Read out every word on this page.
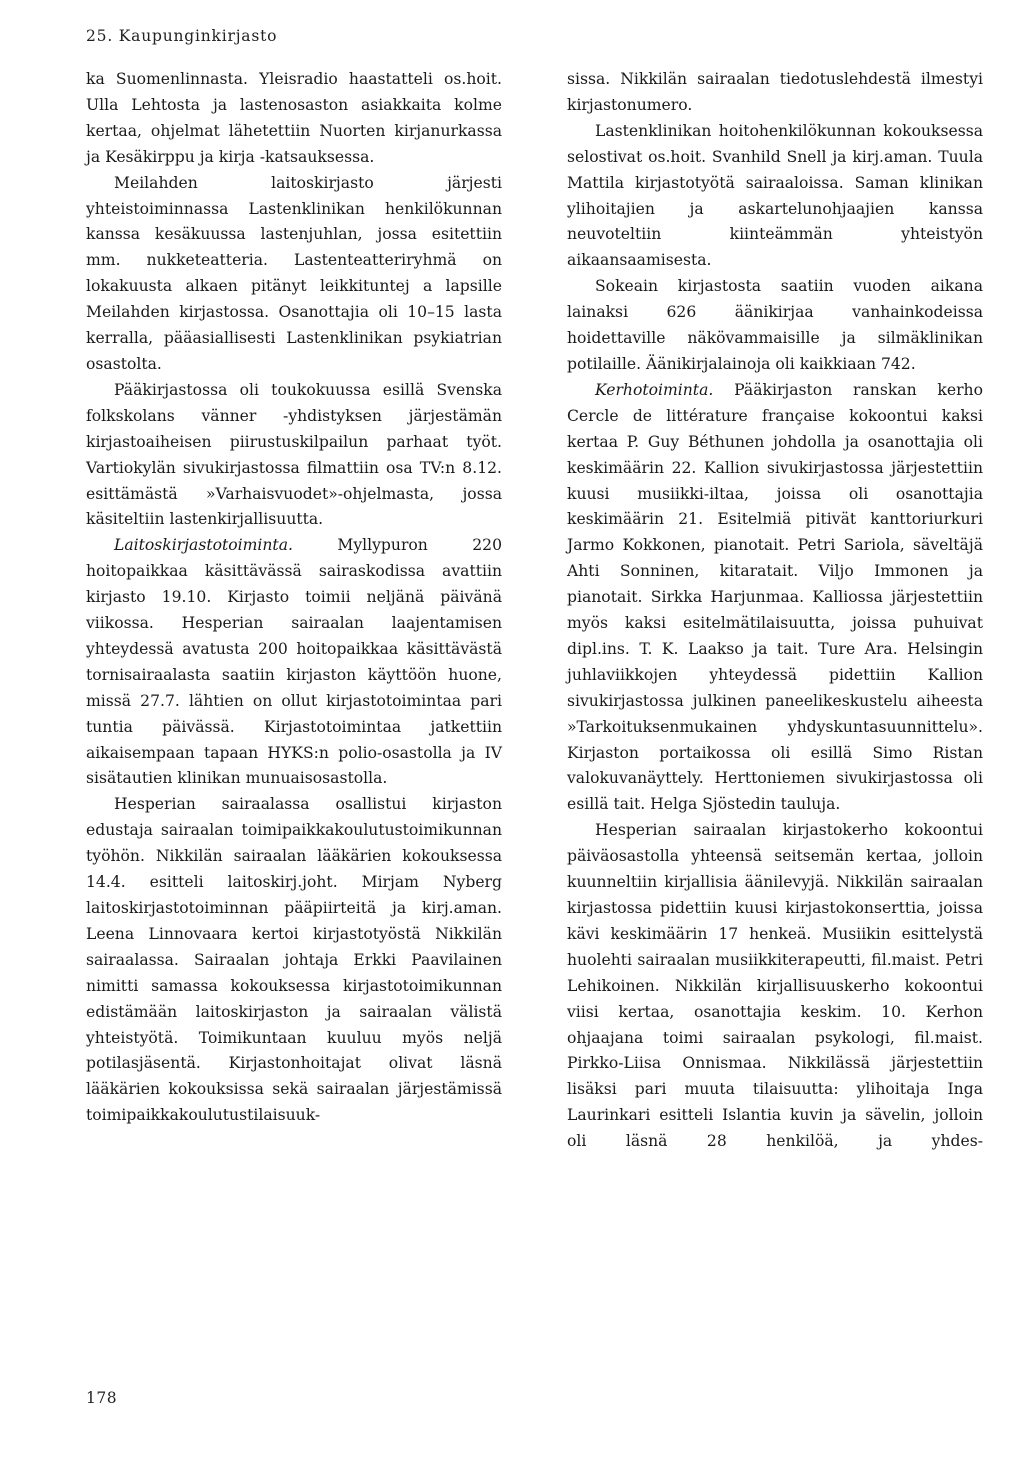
25. Kaupunginkirjasto

ka Suomenlinnasta. Yleisradio haastatteli os.hoit. Ulla Lehtosta ja lastenosaston asiakkaita kolme kertaa, ohjelmat lähetettiin Nuorten kirjanurkassa ja Kesäkirppu ja kirja -katsauksessa.

Meilahden laitoskirjasto järjesti yhteistoiminnassa Lastenklinikan henkilökunnan kanssa kesäkuussa lastenjuhlan, jossa esitettiin mm. nukketeatteria. Lastenteatteriryhmä on lokakuusta alkaen pitänyt leikkituntej a lapsille Meilahden kirjastossa. Osanottajia oli 10–15 lasta kerralla, pääasiallisesti Lastenklinikan psykiatrian osastolta.

Pääkirjastossa oli toukokuussa esillä Svenska folkskolans vänner -yhdistyksen järjestämän kirjastoaiheisen piirustuskilpailun parhaat työt. Vartiokylän sivukirjastossa filmattiin osa TV:n 8.12. esittämästä »Varhaisvuodet»-ohjelmasta, jossa käsiteltiin lastenkirjallisuutta.

Laitoskirjastotoiminta. Myllypuron 220 hoitopaikkaa käsittävässä sairaskodissa avattiin kirjasto 19.10. Kirjasto toimii neljänä päivänä viikossa. Hesperian sairaalan laajentamisen yhteydessä avatusta 200 hoitopaikkaa käsittävästä tornisairaalasta saatiin kirjaston käyttöön huone, missä 27.7. lähtien on ollut kirjastotoimintaa pari tuntia päivässä. Kirjastotoimintaa jatkettiin aikaisempaan tapaan HYKS:n polio-osastolla ja IV sisätautien klinikan munuaisosastolla.

Hesperian sairaalassa osallistui kirjaston edustaja sairaalan toimipaikkakoulutustoimikunnan työhön. Nikkilän sairaalan lääkärien kokouksessa 14.4. esitteli laitoskirj.joht. Mirjam Nyberg laitoskirjastotoiminnan pääpiirteitä ja kirj.aman. Leena Linnovaara kertoi kirjastotyöstä Nikkilän sairaalassa. Sairaalan johtaja Erkki Paavilainen nimitti samassa kokouksessa kirjastotoimikunnan edistämään laitoskirjaston ja sairaalan välistä yhteistyötä. Toimikuntaan kuuluu myös neljä potilasjäsentä. Kirjastonhoitajat olivat läsnä lääkärien kokouksissa sekä sairaalan järjestämissä toimipaikkakoulutustilaisuuk-

sissa. Nikkilän sairaalan tiedotuslehdestä ilmestyi kirjastonumero.

Lastenklinikan hoitohenkilökunnan kokouksessa selostivat os.hoit. Svanhild Snell ja kirj.aman. Tuula Mattila kirjastotyötä sairaaloissa. Saman klinikan ylihoitajien ja askartelunohjaajien kanssa neuvoteltiin kiinteämmän yhteistyön aikaansaamisesta.

Sokeain kirjastosta saatiin vuoden aikana lainaksi 626 äänikirjaa vanhainkodeissa hoidettaville näkövammaisille ja silmäklinikan potilaille. Äänikirjalainoja oli kaikkiaan 742.

Kerhotoiminta. Pääkirjaston ranskan kerho Cercle de littérature française kokoontui kaksi kertaa P. Guy Béthunen johdolla ja osanottajia oli keskimäärin 22. Kallion sivukirjastossa järjestettiin kuusi musiikki-iltaa, joissa oli osanottajia keskimäärin 21. Esitelmiä pitivät kanttoriurkuri Jarmo Kokkonen, pianotait. Petri Sariola, säveltäjä Ahti Sonninen, kitaratait. Viljo Immonen ja pianotait. Sirkka Harjunmaa. Kalliossa järjestettiin myös kaksi esitelmätilaisuutta, joissa puhuivat dipl.ins. T. K. Laakso ja tait. Ture Ara. Helsingin juhlaviikkojen yhteydessä pidettiin Kallion sivukirjastossa julkinen paneelikeskustelu aiheesta »Tarkoituksenmukainen yhdyskuntasuunnittelu». Kirjaston portaikossa oli esillä Simo Ristan valokuvanäyttely. Herttoniemen sivukirjastossa oli esillä tait. Helga Sjöstedin tauluja.

Hesperian sairaalan kirjastokerho kokoontui päiväosastolla yhteensä seitsemän kertaa, jolloin kuunneltiin kirjallisia äänilevyjä. Nikkilän sairaalan kirjastossa pidettiin kuusi kirjastokonserttia, joissa kävi keskimäärin 17 henkeä. Musiikin esittelystä huolehti sairaalan musiikkiterapeutti, fil.maist. Petri Lehikoinen. Nikkilän kirjallisuuskerho kokoontui viisi kertaa, osanottajia keskim. 10. Kerhon ohjaajana toimi sairaalan psykologi, fil.maist. Pirkko-Liisa Onnismaa. Nikkilässä järjestettiin lisäksi pari muuta tilaisuutta: ylihoitaja Inga Laurinkari esitteli Islantia kuvin ja sävelin, jolloin oli läsnä 28 henkilöä, ja yhdes-

178
